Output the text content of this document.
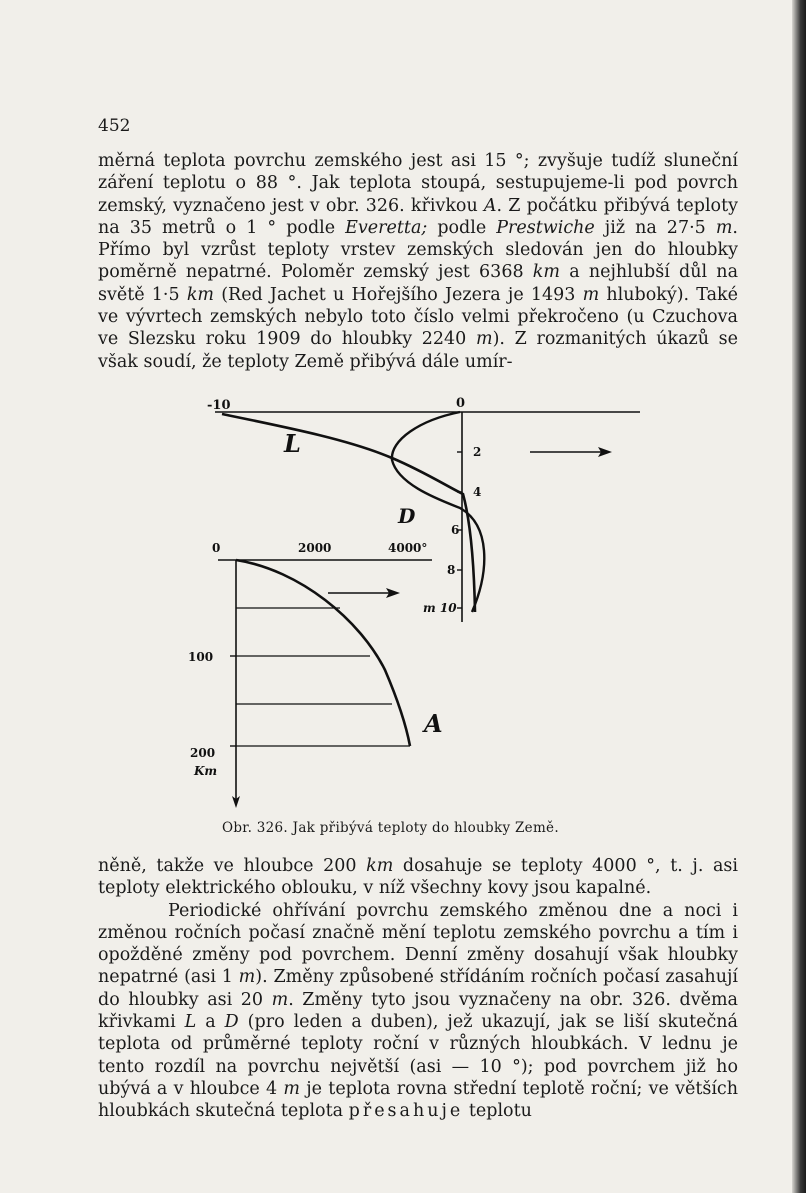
452

měrná teplota povrchu zemského jest asi 15 °; zvyšuje tudíž sluneční záření teplotu o 88 °. Jak teplota stoupá, sestupujeme-li pod povrch zemský, vyznačeno jest v obr. 326. křivkou A. Z počátku přibývá teploty na 35 metrů o 1 ° podle Everetta; podle Prestwiche již na 27·5 m. Přímo byl vzrůst teploty vrstev zemských sledován jen do hloubky poměrně nepatrné. Poloměr zemský jest 6368 km a nejhlubší důl na světě 1·5 km (Red Jachet u Hořejšího Jezera je 1493 m hluboký). Také ve vývrtech zemských nebylo toto číslo velmi překročeno (u Czuchova ve Slezsku roku 1909 do hloubky 2240 m). Z rozmanitých úkazů se však soudí, že teploty Země přibývá dále umír-

-10	0
2
4
6
8
m 10
L
D
0	2000	4000°
100
200
Km
A
Obr. 326. Jak přibývá teploty do hloubky Země.

něně, takže ve hloubce 200 km dosahuje se teploty 4000 °, t. j. asi teploty elektrického oblouku, v níž všechny kovy jsou kapalné.

Periodické ohřívání povrchu zemského změnou dne a noci i změnou ročních počasí značně mění teplotu zemského povrchu a tím i opožděné změny pod povrchem. Denní změny dosahují však hloubky nepatrné (asi 1 m). Změny způsobené střídáním ročních počasí zasahují do hloubky asi 20 m. Změny tyto jsou vyznačeny na obr. 326. dvěma křivkami L a D (pro leden a duben), jež ukazují, jak se liší skutečná teplota od průměrné teploty roční v různých hloubkách. V lednu je tento rozdíl na povrchu největší (asi — 10 °); pod povrchem již ho ubývá a v hloubce 4 m je teplota rovna střední teplotě roční; ve větších hloubkách skutečná teplota přesahuje teplotu
